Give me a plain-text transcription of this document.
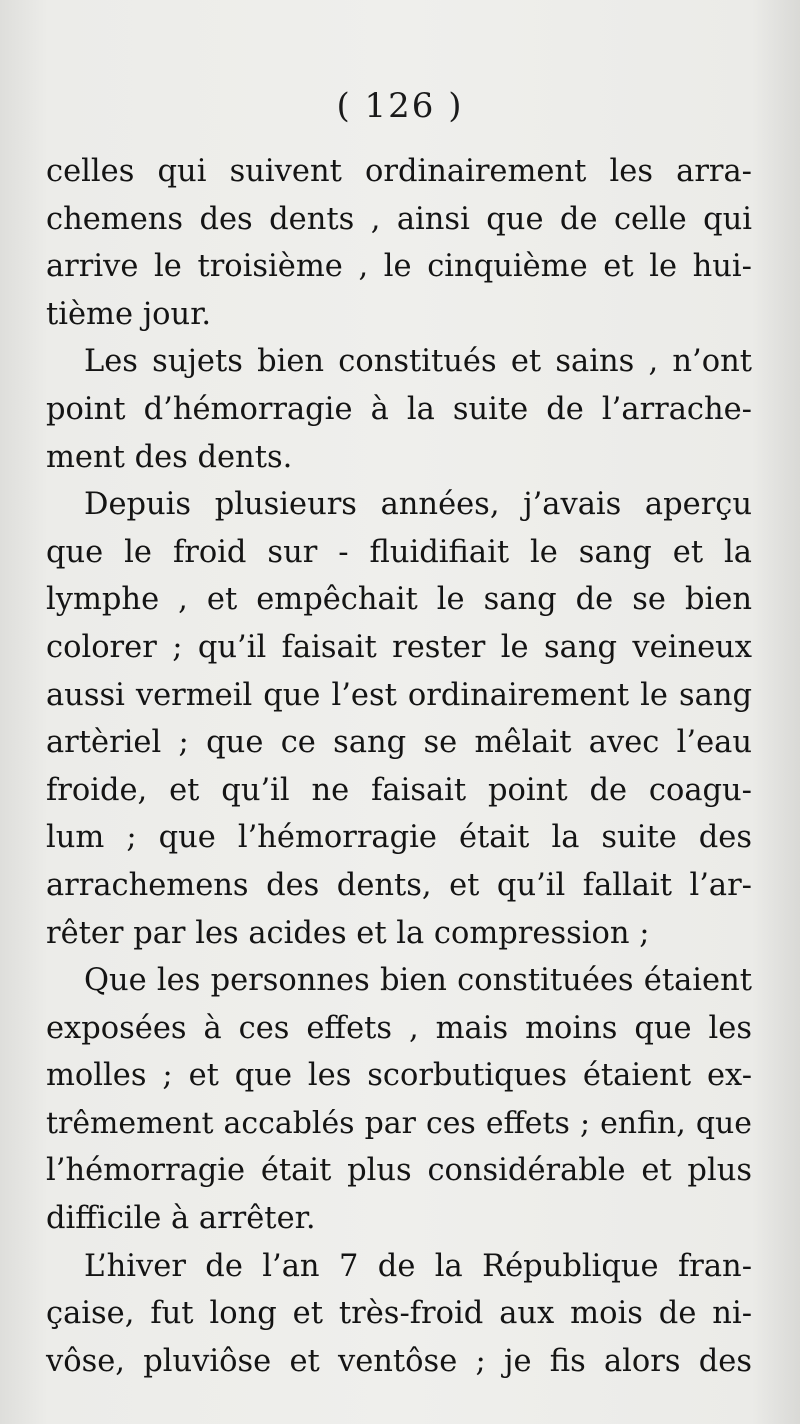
( 126 )
celles qui suivent ordinairement les arra-
chemens des dents , ainsi que de celle qui
arrive le troisième , le cinquième et le hui-
tième jour.
Les sujets bien constitués et sains , n’ont
point d’hémorragie à la suite de l’arrache-
ment des dents.
Depuis plusieurs années, j’avais aperçu
que le froid sur - fluidifiait le sang et la
lymphe , et empêchait le sang de se bien
colorer ; qu’il faisait rester le sang veineux
aussi vermeil que l’est ordinairement le sang
artèriel ; que ce sang se mêlait avec l’eau
froide, et qu’il ne faisait point de coagu-
lum ; que l’hémorragie était la suite des
arrachemens des dents, et qu’il fallait l’ar-
rêter par les acides et la compression ;
Que les personnes bien constituées étaient
exposées à ces effets , mais moins que les
molles ; et que les scorbutiques étaient ex-
trêmement accablés par ces effets ; enfin, que
l’hémorragie était plus considérable et plus
difficile à arrêter.
L’hiver de l’an 7 de la République fran-
çaise, fut long et très-froid aux mois de ni-
vôse, pluviôse et ventôse ; je fis alors des
